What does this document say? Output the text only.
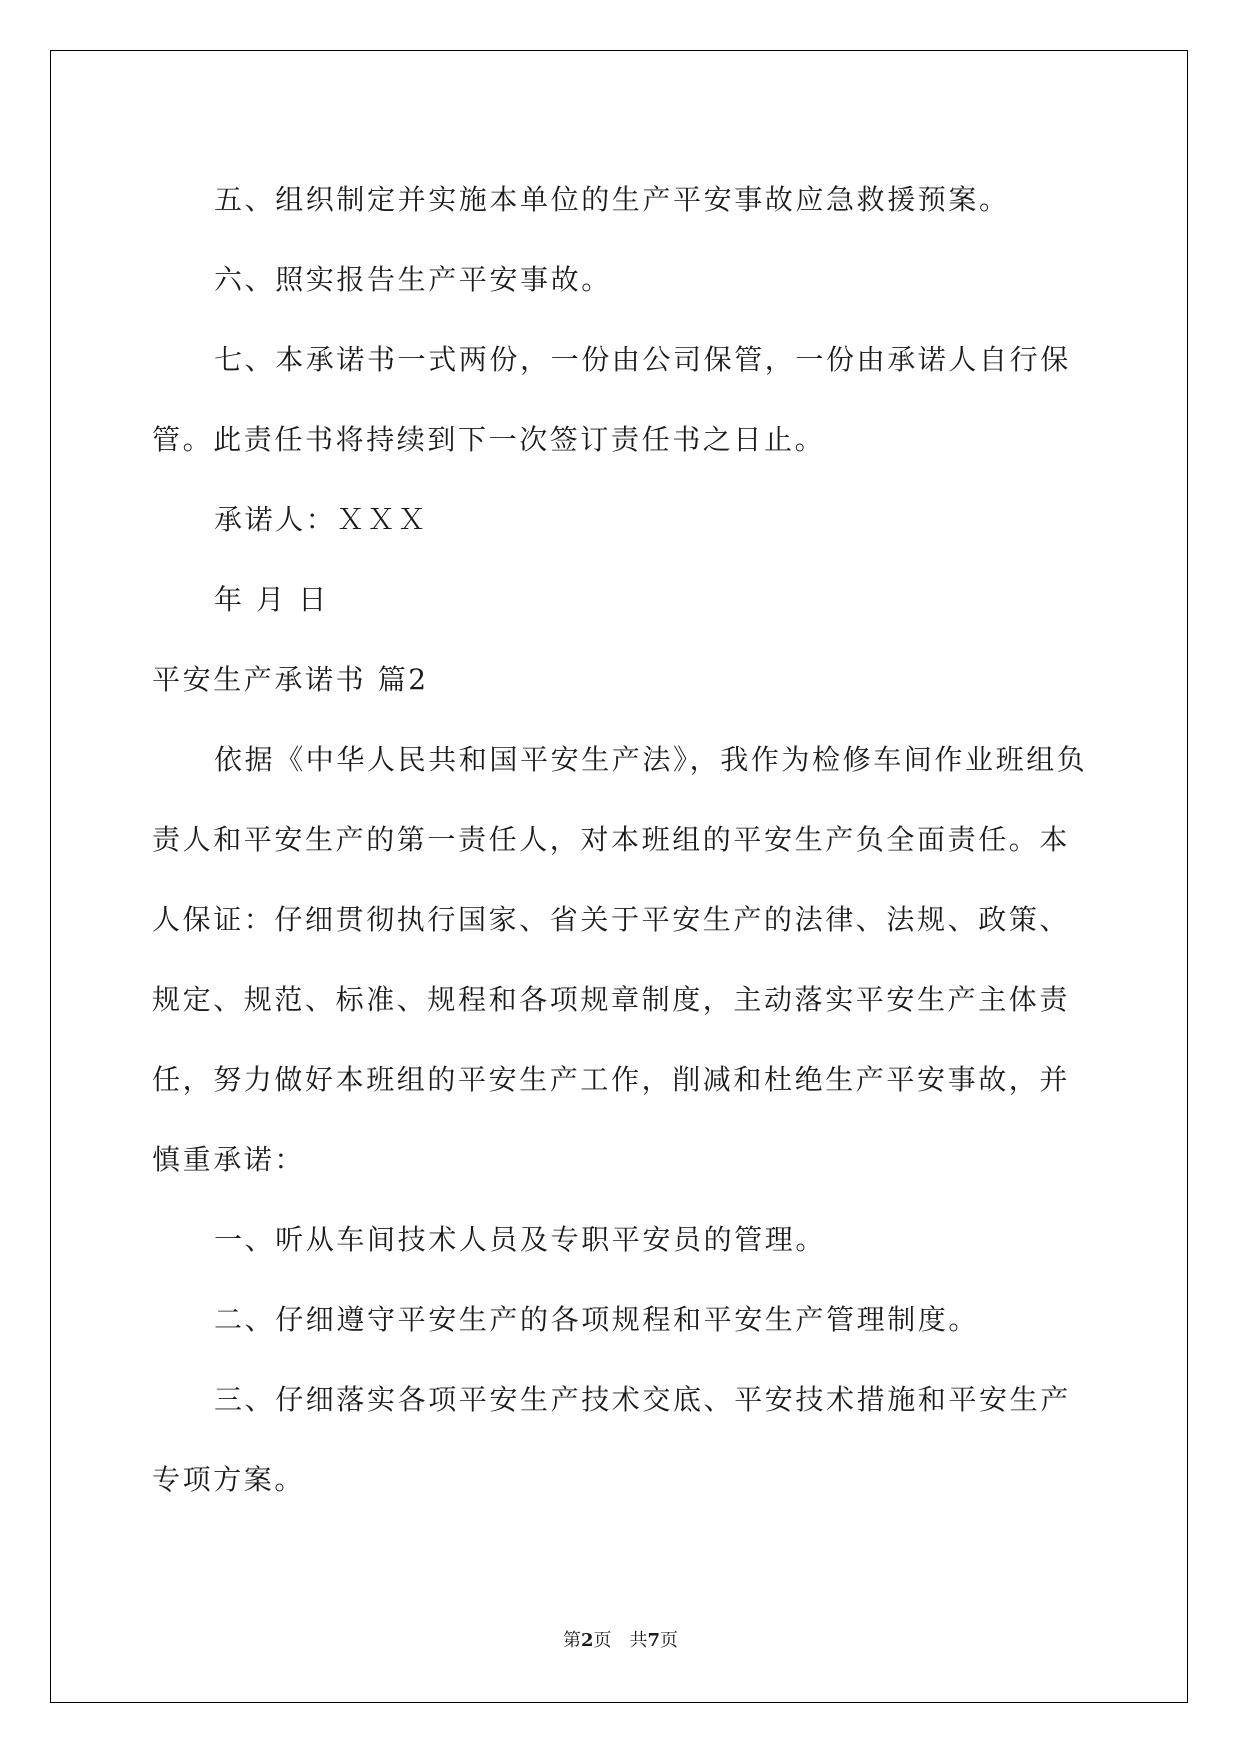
五、组织制定并实施本单位的生产平安事故应急救援预案。

六、照实报告生产平安事故。

七、本承诺书一式两份，一份由公司保管，一份由承诺人自行保

管。此责任书将持续到下一次签订责任书之日止。

承诺人：ＸＸＸ

年 月 日

平安生产承诺书 篇2

依据《中华人民共和国平安生产法》，我作为检修车间作业班组负

责人和平安生产的第一责任人，对本班组的平安生产负全面责任。本

人保证：仔细贯彻执行国家、省关于平安生产的法律、法规、政策、

规定、规范、标准、规程和各项规章制度，主动落实平安生产主体责

任，努力做好本班组的平安生产工作，削减和杜绝生产平安事故，并

慎重承诺：

一、听从车间技术人员及专职平安员的管理。

二、仔细遵守平安生产的各项规程和平安生产管理制度。

三、仔细落实各项平安生产技术交底、平安技术措施和平安生产

专项方案。

第2页 共7页
